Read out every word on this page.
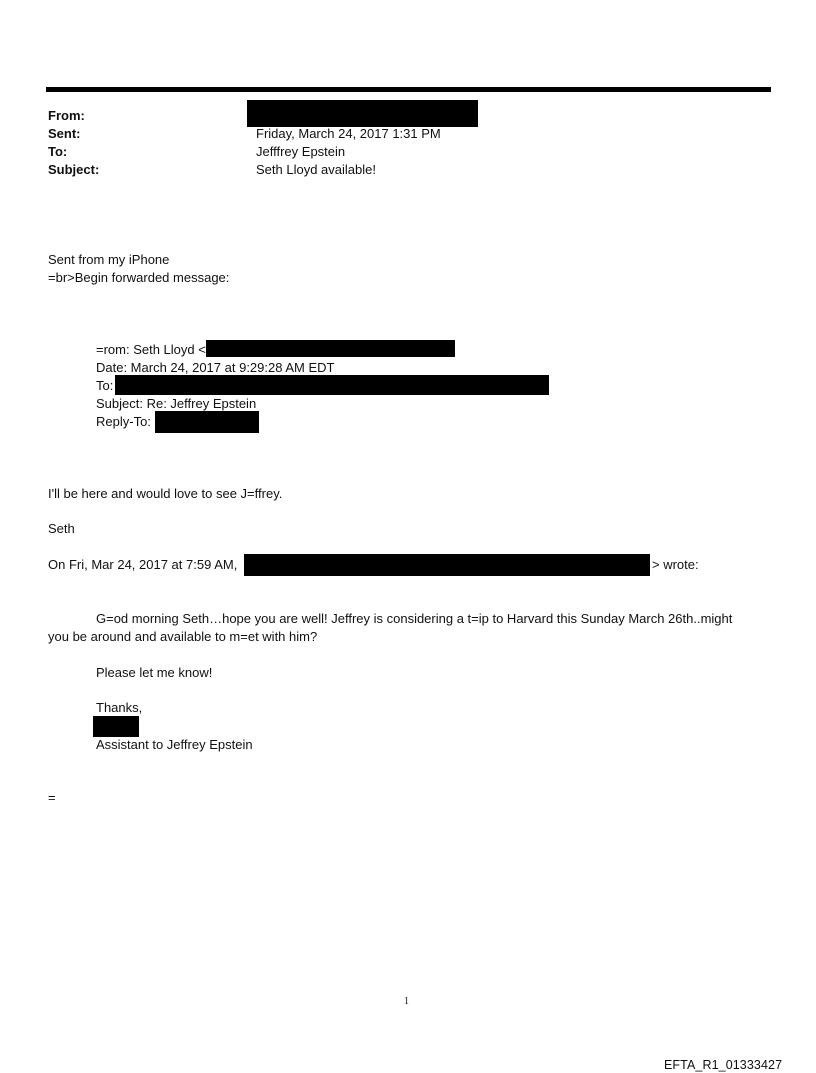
From:
Sent:	Friday, March 24, 2017 1:31 PM
To:	Jefffrey Epstein
Subject:	Seth Lloyd available!
Sent from my iPhone
=br>Begin forwarded message:
=rom: Seth Lloyd <
Date: March 24, 2017 at 9:29:28 AM EDT
To:
Subject: Re: Jeffrey Epstein
Reply-To:
I'll be here and would love to see J=ffrey.
Seth
On Fri, Mar 24, 2017 at 7:59 AM,	> wrote:
G=od morning Seth…hope you are well! Jeffrey is considering a t=ip to Harvard this Sunday March 26th..might
you be around and available to m=et with him?
Please let me know!
Thanks,
Assistant to Jeffrey Epstein
=
1
EFTA_R1_01333427
